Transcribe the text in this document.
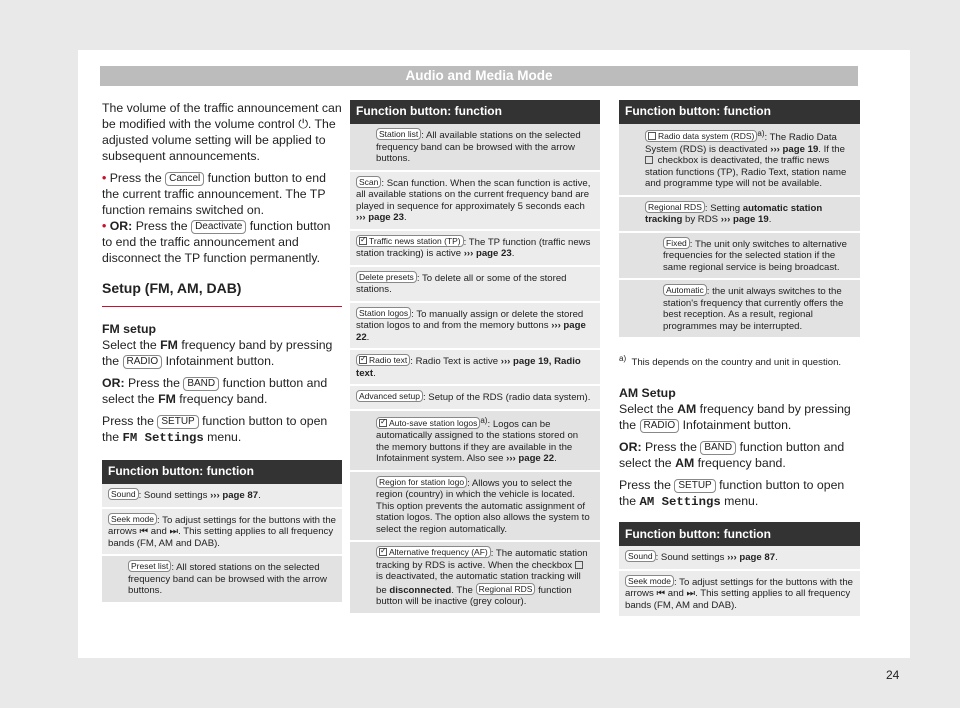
Audio and Media Mode

The volume of the traffic announcement can be modified with the volume control ⏻. The adjusted volume setting will be applied to subsequent announcements.

• Press the Cancel function button to end the current traffic announcement. The TP function remains switched on.

• OR: Press the Deactivate function button to end the traffic announcement and disconnect the TP function permanently.

Setup (FM, AM, DAB)
FM setup

Select the FM frequency band by pressing the RADIO Infotainment button.

OR: Press the BAND function button and select the FM frequency band.

Press the SETUP function button to open the FM Settings menu.

Function button: function
Sound : Sound settings ››› page 87.
Seek mode : To adjust settings for the buttons with the arrows ⏮ and ⏭. This setting applies to all frequency bands (FM, AM and DAB).
Preset list : All stored stations on the selected frequency band can be browsed with the arrow buttons.
Function button: function
Station list : All available stations on the selected frequency band can be browsed with the arrow buttons.
Scan : Scan function. When the scan function is active, all available stations on the current frequency band are played in sequence for approximately 5 seconds each ››› page 23.
✓Traffic news station (TP) : The TP function (traffic news station tracking) is active ››› page 23.
Delete presets : To delete all or some of the stored stations.
Station logos : To manually assign or delete the stored station logos to and from the memory buttons ››› page 22.
✓Radio text : Radio Text is active ››› page 19, Radio text.
Advanced setup : Setup of the RDS (radio data system).
✓Auto-save station logos $^{a)}$: Logos can be automatically assigned to the stations stored on the memory buttons if they are available in the Infotainment system. Also see ››› page 22.
Region for station logo : Allows you to select the region (country) in which the vehicle is located. This option prevents the automatic assignment of station logos. The option also allows the system to select the region automatically.
✓Alternative frequency (AF) : The automatic station tracking by RDS is active. When the checkbox  is deactivated, the automatic station tracking will be disconnected. The Regional RDS function button will be inactive (grey colour).
Function button: function
Radio data system (RDS) $^{a)}$: The Radio Data System (RDS) is deactivated ››› page 19. If the  checkbox is deactivated, the traffic news station functions (TP), Radio Text, station name and programme type will not be available.
Regional RDS : Setting automatic station tracking by RDS ››› page 19.
Fixed : The unit only switches to alternative frequencies for the selected station if the same regional service is being broadcast.
Automatic : the unit always switches to the station's frequency that currently offers the best reception. As a result, regional programmes may be interrupted.

$^{a)}$ This depends on the country and unit in question.

AM Setup

Select the AM frequency band by pressing the RADIO Infotainment button.

OR: Press the BAND function button and select the AM frequency band.

Press the SETUP function button to open the AM Settings menu.

Function button: function
Sound : Sound settings ››› page 87.
Seek mode : To adjust settings for the buttons with the arrows ⏮ and ⏭. This setting applies to all frequency bands (FM, AM and DAB).
24
